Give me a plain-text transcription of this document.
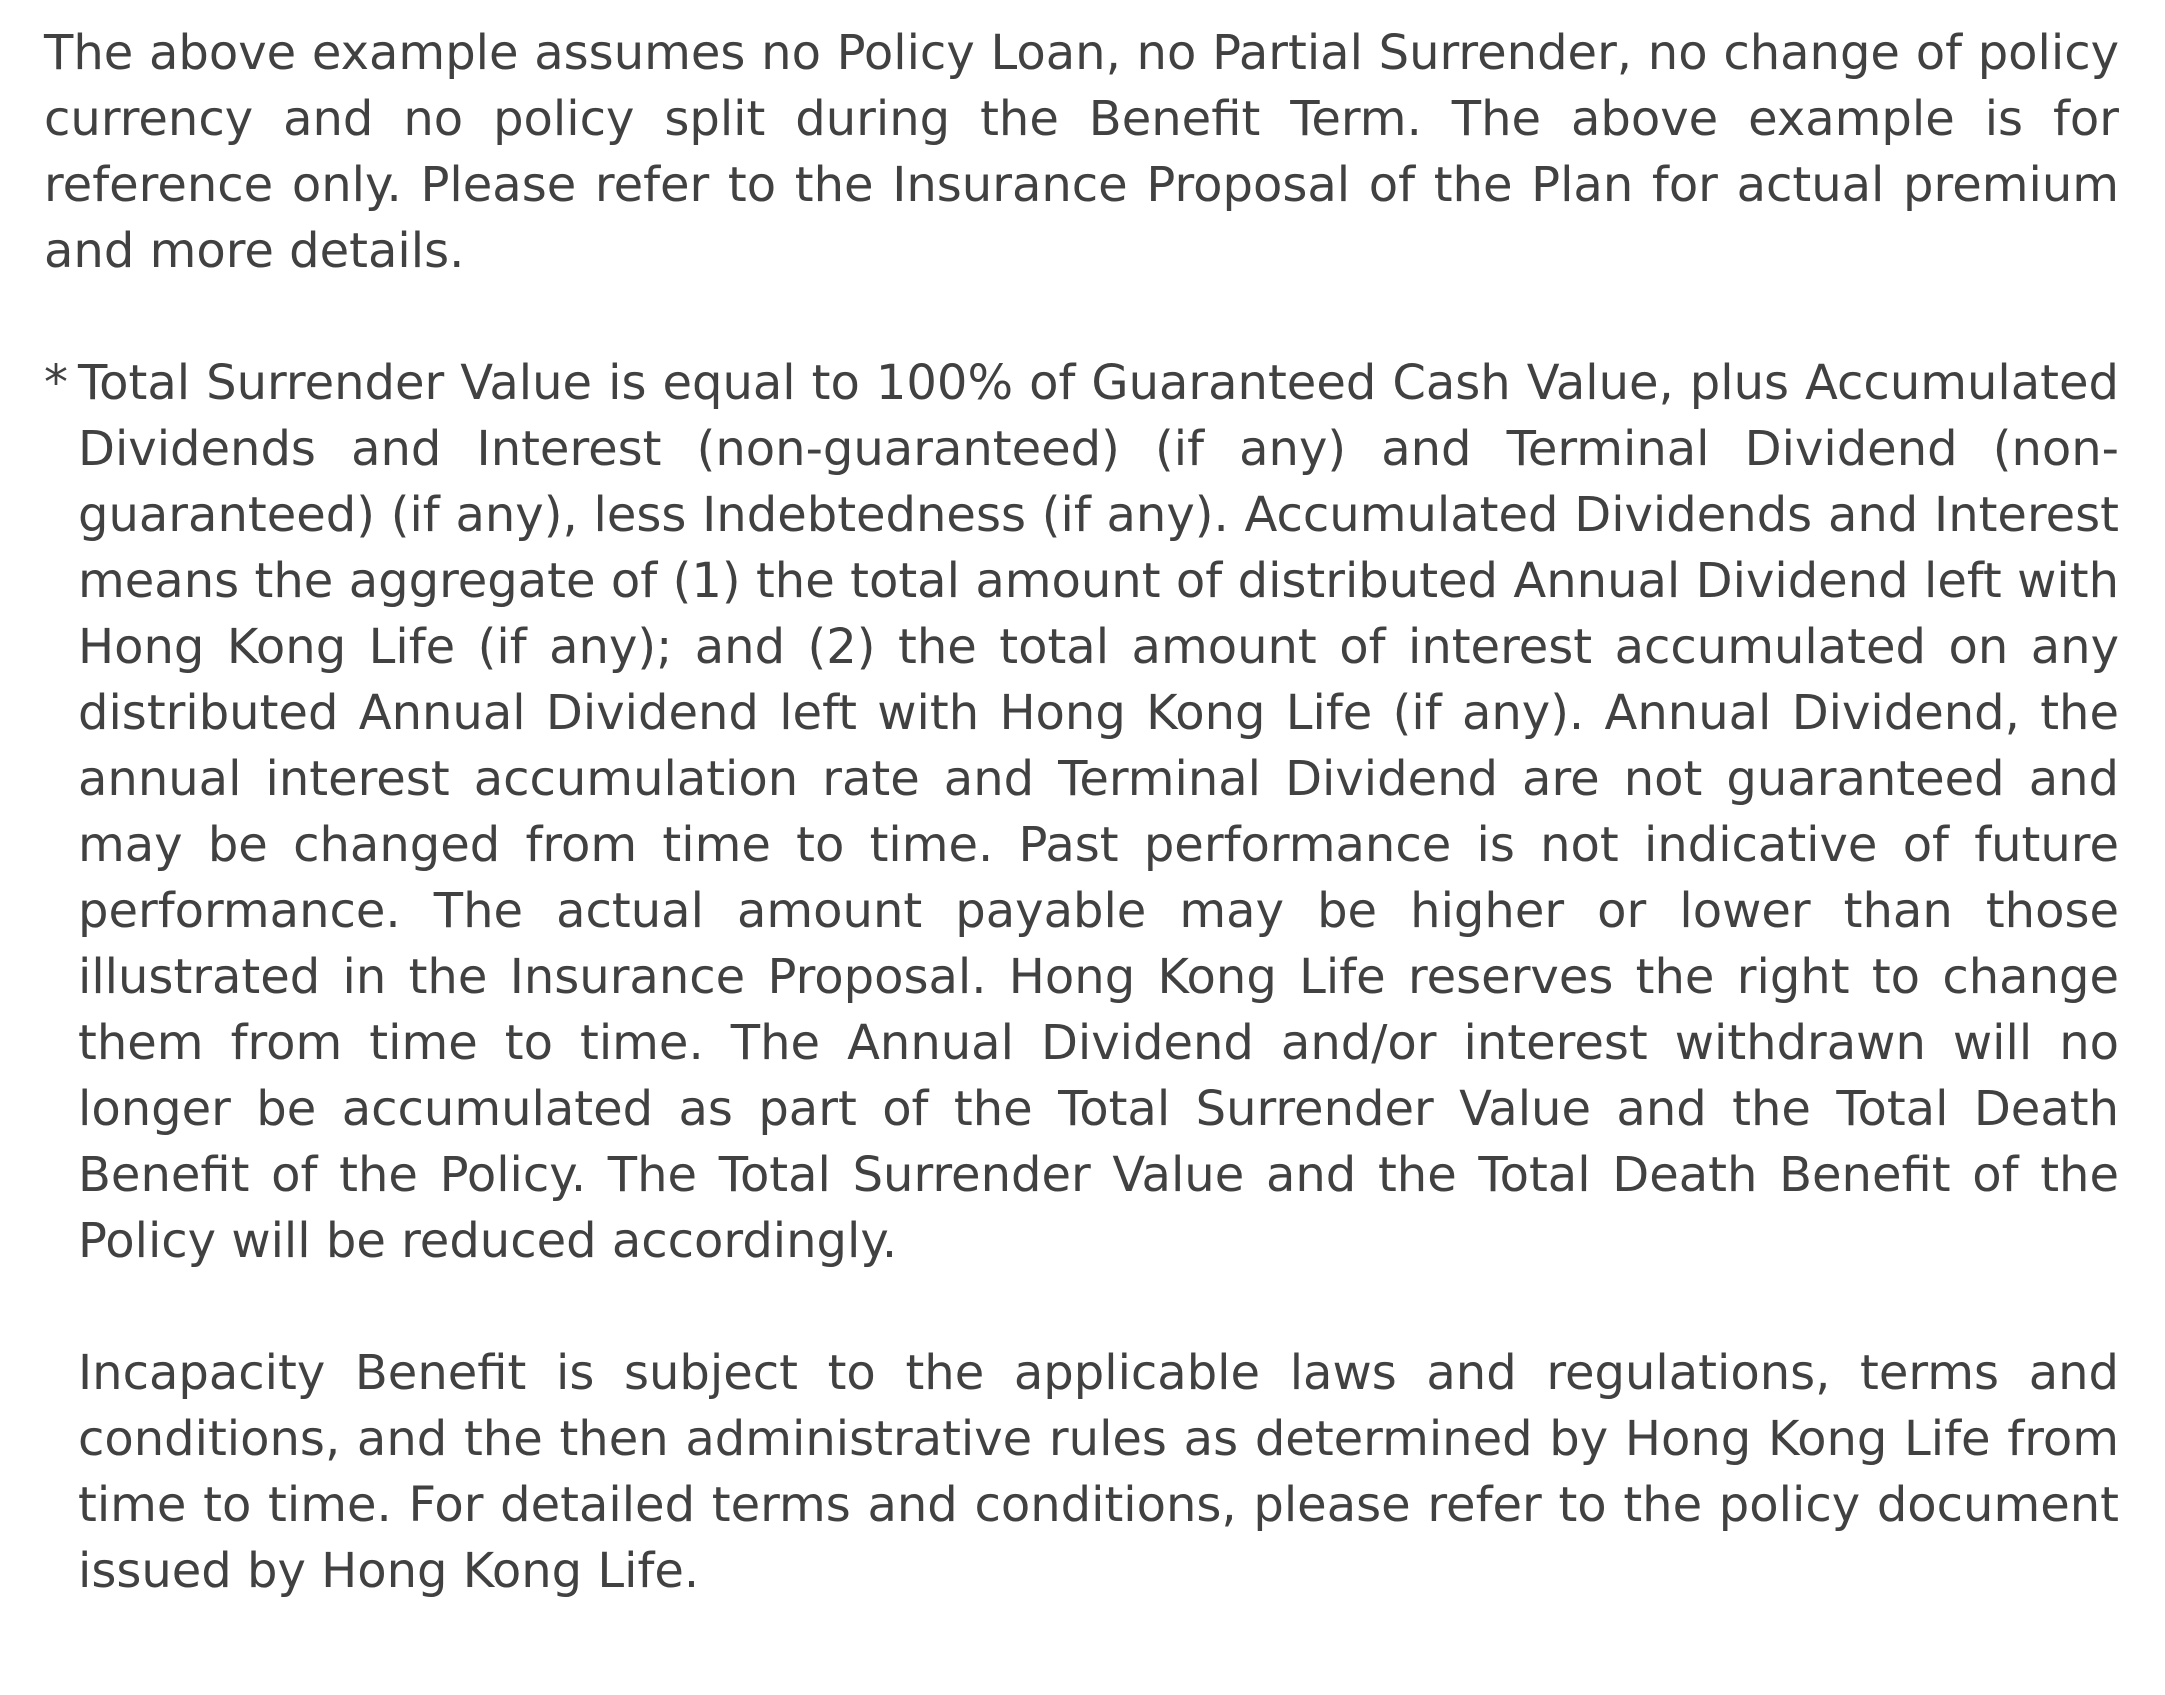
The above example assumes no Policy Loan, no Partial Surrender, no change of policy currency and no policy split during the Benefit Term. The above example is for reference only. Please refer to the Insurance Proposal of the Plan for actual premium and more details.

* Total Surrender Value is equal to 100% of Guaranteed Cash Value, plus Accumulated Dividends and Interest (non-guaranteed) (if any) and Terminal Dividend (non-guaranteed) (if any), less Indebtedness (if any). Accumulated Dividends and Interest means the aggregate of (1) the total amount of distributed Annual Dividend left with Hong Kong Life (if any); and (2) the total amount of interest accumulated on any distributed Annual Dividend left with Hong Kong Life (if any). Annual Dividend, the annual interest accumulation rate and Terminal Dividend are not guaranteed and may be changed from time to time. Past performance is not indicative of future performance. The actual amount payable may be higher or lower than those illustrated in the Insurance Proposal. Hong Kong Life reserves the right to change them from time to time. The Annual Dividend and/or interest withdrawn will no longer be accumulated as part of the Total Surrender Value and the Total Death Benefit of the Policy. The Total Surrender Value and the Total Death Benefit of the Policy will be reduced accordingly.

Incapacity Benefit is subject to the applicable laws and regulations, terms and conditions, and the then administrative rules as determined by Hong Kong Life from time to time. For detailed terms and conditions, please refer to the policy document issued by Hong Kong Life.
